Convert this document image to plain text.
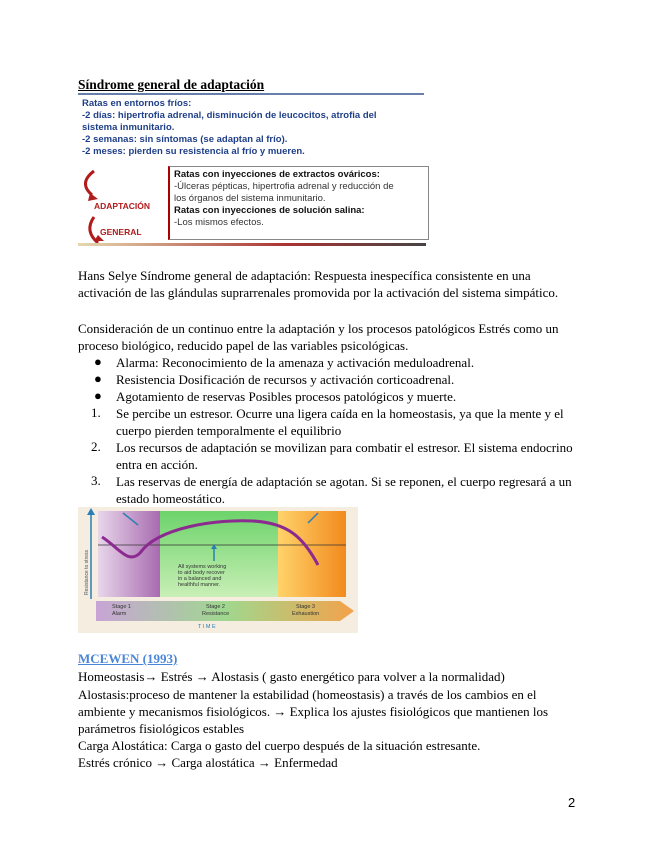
Síndrome general de adaptación
Ratas en entornos fríos:
-2 días: hipertrofia adrenal, disminución de leucocitos, atrofia del
sistema inmunitario.
-2 semanas: sin síntomas (se adaptan al frío).
-2 meses: pierden su resistencia al frío y mueren.
ADAPTACIÓN
GENERAL
Ratas con inyecciones de extractos ováricos:
-Úlceras pépticas, hipertrofia adrenal y reducción de
los órganos del sistema inmunitario.
Ratas con inyecciones de solución salina:
-Los mismos efectos.
Hans Selye Síndrome general de adaptación: Respuesta inespecífica consistente en una activación de las glándulas suprarrenales promovida por la activación del sistema simpático.
Consideración de un continuo entre la adaptación y los procesos patológicos Estrés como un proceso biológico, reducido papel de las variables psicológicas.
● Alarma: Reconocimiento de la amenaza y activación meduloadrenal.
● Resistencia Dosificación de recursos y activación corticoadrenal.
● Agotamiento de reservas Posibles procesos patológicos y muerte.
1. Se percibe un estresor. Ocurre una ligera caída en la homeostasis, ya que la mente y el cuerpo pierden temporalmente el equilibrio
2. Los recursos de adaptación se movilizan para combatir el estresor. El sistema endocrino entra en acción.
3. Las reservas de energía de adaptación se agotan. Si se reponen, el cuerpo regresará a un estado homeostático.
Resistance to stress	All systems working
to aid body recover
in a balanced and
healthful manner.
Stage 1
Alarm
Stage 2
Resistance
Stage 3
Exhaustion
T I M E
MCEWEN (1993)
Homeostasis→ Estrés → Alostasis ( gasto energético para volver a la normalidad)
Alostasis:proceso de mantener la estabilidad (homeostasis) a través de los cambios en el
ambiente y mecanismos fisiológicos. → Explica los ajustes fisiológicos que mantienen los
parámetros fisiológicos estables
Carga Alostática: Carga o gasto del cuerpo después de la situación estresante.
Estrés crónico → Carga alostática → Enfermedad
2
